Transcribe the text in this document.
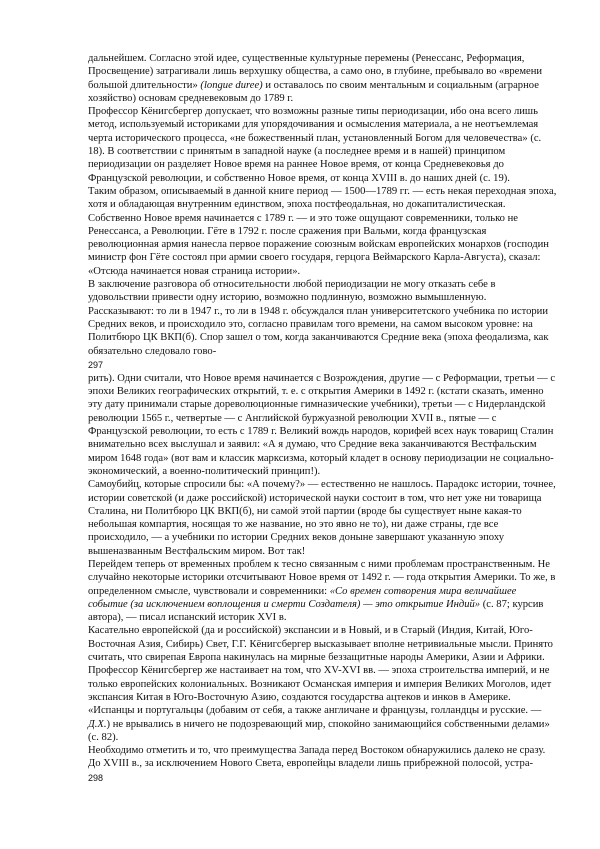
дальнейшем. Согласно этой идее, существенные культурные перемены (Ренессанс, Реформация, Просвещение) затрагивали лишь верхушку общества, а само оно, в глубине, пребывало во «времени большой длительности» (longue duree) и оставалось по своим ментальным и социальным (аграрное хозяйство) основам средневековым до 1789 г.

Профессор Кёнигсбергер допускает, что возможны разные типы периодизации, ибо она всего лишь метод, используемый историками для упорядочивания и осмысления материала, а не неотъемлемая черта исторического процесса, «не божественный план, установленный Богом для человечества» (с. 18). В соответствии с принятым в западной науке (а последнее время и в нашей) принципом периодизации он разделяет Новое время на раннее Новое время, от конца Средневековья до Французской революции, и собственно Новое время, от конца XVIII в. до наших дней (с. 19).

Таким образом, описываемый в данной книге период — 1500—1789 гг. — есть некая переходная эпоха, хотя и обладающая внутренним единством, эпоха постфеодальная, но докапиталистическая. Собственно Новое время начинается с 1789 г. — и это тоже ощущают современники, только не Ренессанса, а Революции. Гёте в 1792 г. после сражения при Вальми, когда французская революционная армия нанесла первое поражение союзным войскам европейских монархов (господин министр фон Гёте состоял при армии своего государя, герцога Веймарского Карла-Августа), сказал: «Отсюда начинается новая страница истории».

В заключение разговора об относительности любой периодизации не могу отказать себе в удовольствии привести одну историю, возможно подлинную, возможно вымышленную.

Рассказывают: то ли в 1947 г., то ли в 1948 г. обсуждался план университетского учебника по истории Средних веков, и происходило это, согласно правилам того времени, на самом высоком уровне: на Политбюро ЦК ВКП(б). Спор зашел о том, когда заканчиваются Средние века (эпоха феодализма, как обязательно следовало гово-

297

рить). Одни считали, что Новое время начинается с Возрождения, другие — с Реформации, третьи — с эпохи Великих географических открытий, т. е. с открытия Америки в 1492 г. (кстати сказать, именно эту дату принимали старые дореволюционные гимназические учебники), третьи — с Нидерландской революции 1565 г., четвертые — с Английской буржуазной революции XVII в., пятые — с Французской революции, то есть с 1789 г. Великий вождь народов, корифей всех наук товарищ Сталин внимательно всех выслушал и заявил: «А я думаю, что Средние века заканчиваются Вестфальским миром 1648 года» (вот вам и классик марксизма, который кладет в основу периодизации не социально-экономический, а военно-политический принцип!).

Самоубийц, которые спросили бы: «А почему?» — естественно не нашлось. Парадокс истории, точнее, истории советской (и даже российской) исторической науки состоит в том, что нет уже ни товарища Сталина, ни Политбюро ЦК ВКП(б), ни самой этой партии (вроде бы существует ныне какая-то небольшая компартия, носящая то же название, но это явно не то), ни даже страны, где все происходило, — а учебники по истории Средних веков доныне завершают указанную эпоху вышеназванным Вестфальским миром. Вот так!

Перейдем теперь от временных проблем к тесно связанным с ними проблемам пространственным. Не случайно некоторые историки отсчитывают Новое время от 1492 г. — года открытия Америки. То же, в определенном смысле, чувствовали и современники: «Со времен сотворения мира величайшее событие (за исключением воплощения и смерти Создателя) — это открытие Индий» (с. 87; курсив автора), — писал испанский историк XVI в.

Касательно европейской (да и российской) экспансии и в Новый, и в Старый (Индия, Китай, Юго-Восточная Азия, Сибирь) Свет, Г.Г. Кёнигсбергер высказывает вполне нетривиальные мысли. Принято считать, что свирепая Европа накинулась на мирные беззащитные народы Америки, Азии и Африки. Профессор Кёнигсбергер же настаивает на том, что XV-XVI вв. — эпоха строительства империй, и не только европейских колониальных. Возникают Османская империя и империя Великих Моголов, идет экспансия Китая в Юго-Восточную Азию, создаются государства ацтеков и инков в Америке. «Испанцы и португальцы (добавим от себя, а также англичане и французы, голландцы и русские. — Д.Х.) не врывались в ничего не подозревающий мир, спокойно занимающийся собственными делами» (с. 82).

Необходимо отметить и то, что преимущества Запада перед Востоком обнаружились далеко не сразу. До XVIII в., за исключением Нового Света, европейцы владели лишь прибрежной полосой, устра-

298
